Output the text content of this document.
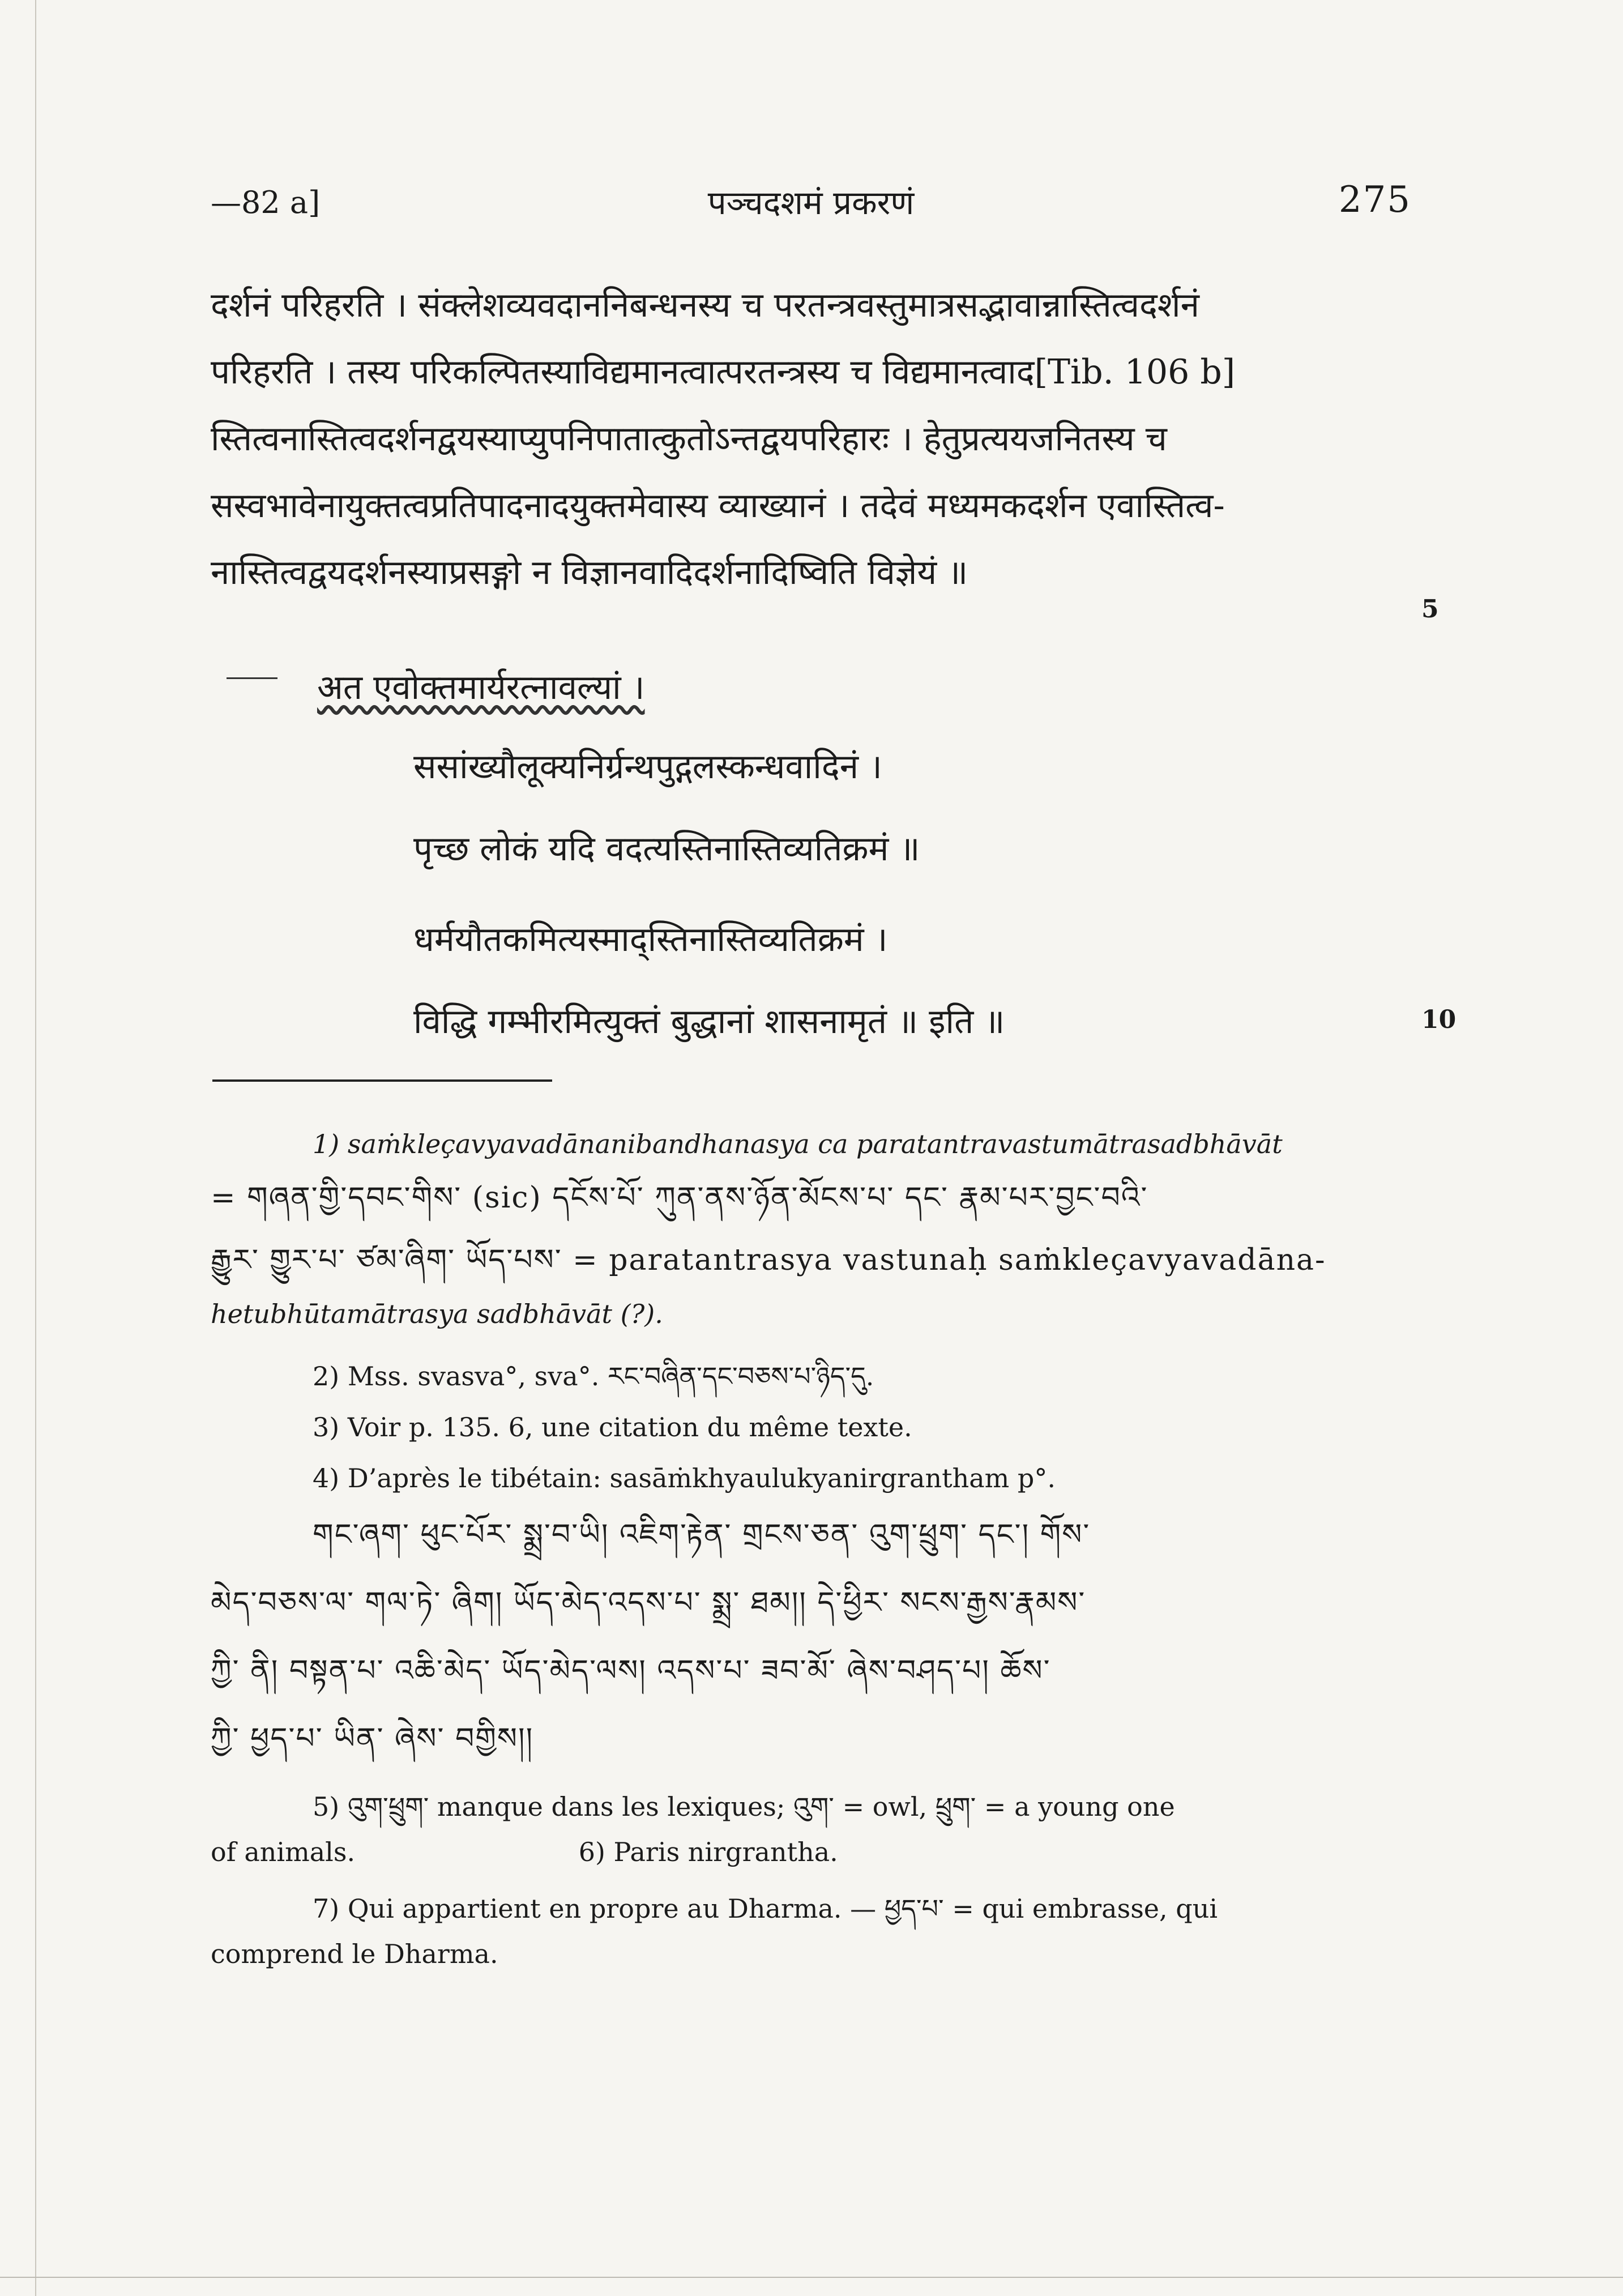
—82 a]	पञ्चदशमं प्रकरणं	275

दर्शनं परिहरति । संक्लेशव्यवदाननिबन्धनस्य च परतन्त्रवस्तुमात्रसद्भावान्नास्तित्वदर्शनं

परिहरति । तस्य परिकल्पितस्याविद्यमानत्वात्परतन्त्रस्य च विद्यमानत्वाद[Tib. 106 b]

स्तित्वनास्तित्वदर्शनद्वयस्याप्युपनिपातात्कुतोऽन्तद्वयपरिहारः । हेतुप्रत्ययजनितस्य च

सस्वभावेनायुक्तत्वप्रतिपादनादयुक्तमेवास्य व्याख्यानं । तदेवं मध्यमकदर्शन एवास्तित्व-

नास्तित्वद्वयदर्शनस्याप्रसङ्गो न विज्ञानवादिदर्शनादिष्विति विज्ञेयं ॥

5
अत एवोक्तमार्यरत्नावल्यां ।
ससांख्यौलूक्यनिर्ग्रन्थपुद्गलस्कन्धवादिनं ।
पृच्छ लोकं यदि वदत्यस्तिनास्तिव्यतिक्रमं ॥
धर्मयौतकमित्यस्माद्स्तिनास्तिव्यतिक्रमं ।
विद्धि गम्भीरमित्युक्तं बुद्धानां शासनामृतं ॥ इति ॥	10

1) saṁkleçavyavadānanibandhanasya ca paratantravastumātrasadbhāvāt

= གཞན་གྱི་དབང་གིས་ (sic) དངོས་པོ་ ཀུན་ནས་ཉོན་མོངས་པ་ དང་ རྣམ་པར་བྱང་བའི་

རྒྱུར་ གྱུར་པ་ ཙམ་ཞིག་ ཡོད་པས་ = paratantrasya vastunaḥ saṁkleçavyavadāna-

hetubhūtamātrasya sadbhāvāt (?).

2) Mss. svasva°, sva°. རང་བཞིན་དང་བཅས་པ་ཉིད་དུ.

3) Voir p. 135. 6, une citation du même texte.

4) D’après le tibétain: sasāṁkhyaulukyanirgrantham p°.

གང་ཞག་ ཕུང་པོར་ སྨྲ་བ་ཡི། འཇིག་རྟེན་ གྲངས་ཅན་ འུག་ཕྲུག་ དང་། གོས་

མེད་བཅས་ལ་ གལ་ཏེ་ ཞིག། ཡོད་མེད་འདས་པ་ སྨྲ་ ཐམ།། དེ་ཕྱིར་ སངས་རྒྱས་རྣམས་

ཀྱི་ ནི། བསྟན་པ་ འཆི་མེད་ ཡོད་མེད་ལས། འདས་པ་ ཟབ་མོ་ ཞེས་བཤད་པ། ཆོས་

ཀྱི་ ཕྱད་པ་ ཡིན་ ཞེས་ བགྱིས།།

5) འུག་ཕྲུག་ manque dans les lexiques; འུག་ = owl, ཕྲུག་ = a young one

of animals.	6) Paris nirgrantha.

7) Qui appartient en propre au Dharma. — ཕྱད་པ་ = qui embrasse, qui

comprend le Dharma.
